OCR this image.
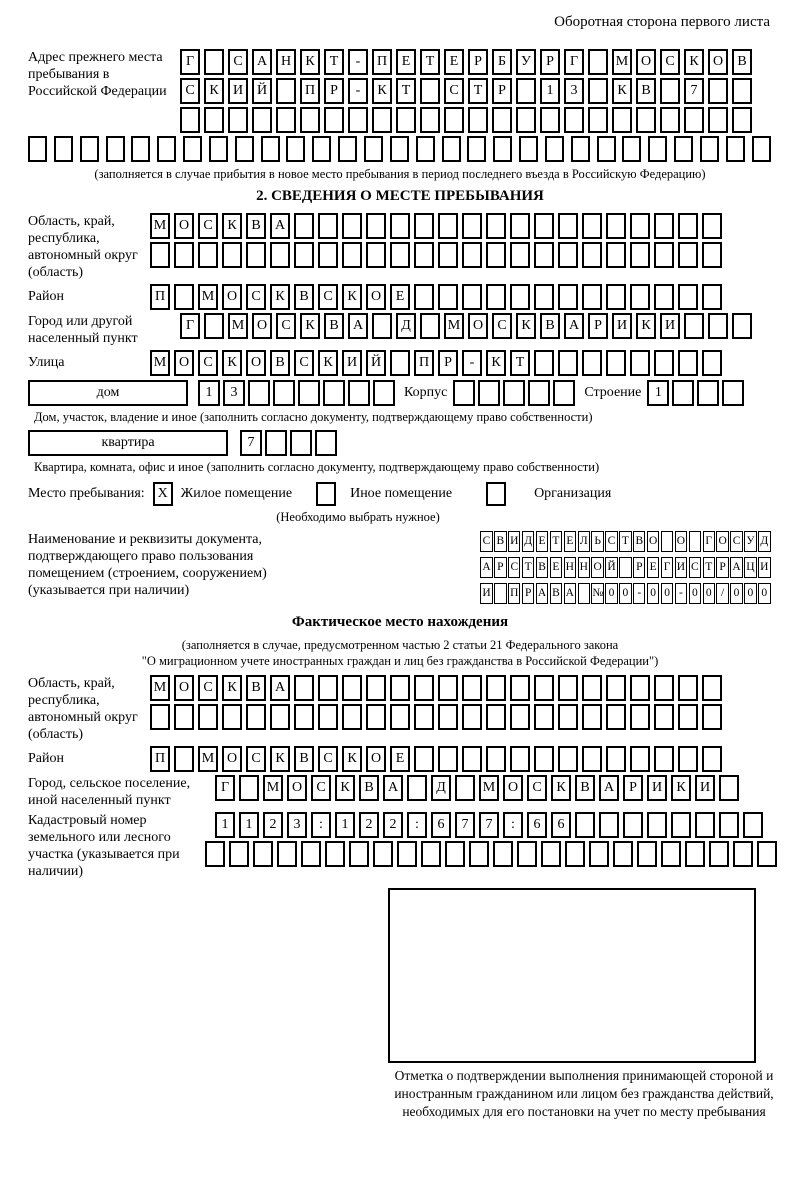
Оборотная сторона первого листа
Адрес прежнего места пребывания в Российской Федерации
Г	С	А Н	К	Т	-	П	Е	Т	Е	Р	Б	У	Р	Г	М О	С	К	О	В
С	К	И Й	П	Р	-	К	Т	С	Т	Р	1	3	К	В	7
(заполняется в случае прибытия в новое место пребывания в период последнего въезда в Российскую Федерацию)
2. СВЕДЕНИЯ О МЕСТЕ ПРЕБЫВАНИЯ
Область, край, республика, автономный округ (область)
М О	С	К	В	А
Район	П	М О	С	К	В	С	К	О	Е
Город или другой населенный пункт
Г	М О	С	К	В	А	Д	М О	С	К	В	А	Р	И	К	И
Улица	М О	С	К	О	В	С	К	И Й	П	Р	-	К	Т
дом	1	3	Корпус	Строение 1
Дом, участок, владение и иное (заполнить согласно документу, подтверждающему право собственности)
квартира	7
Квартира, комната, офис и иное (заполнить согласно документу, подтверждающему право собственности)
Место пребывания: X Жилое помещение	Иное помещение	Организация
(Необходимо выбрать нужное)
Наименование и реквизиты документа, подтверждающего право пользования помещением (строением, сооружением) (указывается при наличии)
С В И Д Е Т Е Л Ь С Т В О О Г О С У Д
А Р С Т В Е Н Н О Й Р Е Г И С Т Р А Ц И
И П Р А В А № 0 0 - 0 0 - 0 0 / 0 0 0
Фактическое место нахождения
(заполняется в случае, предусмотренном частью 2 статьи 21 Федерального закона
"О миграционном учете иностранных граждан и лиц без гражданства в Российской Федерации")
Область, край, республика, автономный округ (область)
М О	С	К	В	А
Район	П	М О	С	К	В	С	К	О	Е
Город, сельское поселение, иной населенный пункт
Г	М О	С	К	В	А	Д	М О	С	К	В	А	Р	И	К	И
Кадастровый номер земельного или лесного участка (указывается при наличии)
1	1	2	3	:	1	2	2	:	6	7	7	:	6	6
Отметка о подтверждении выполнения принимающей стороной и иностранным гражданином или лицом без гражданства действий, необходимых для его постановки на учет по месту пребывания
